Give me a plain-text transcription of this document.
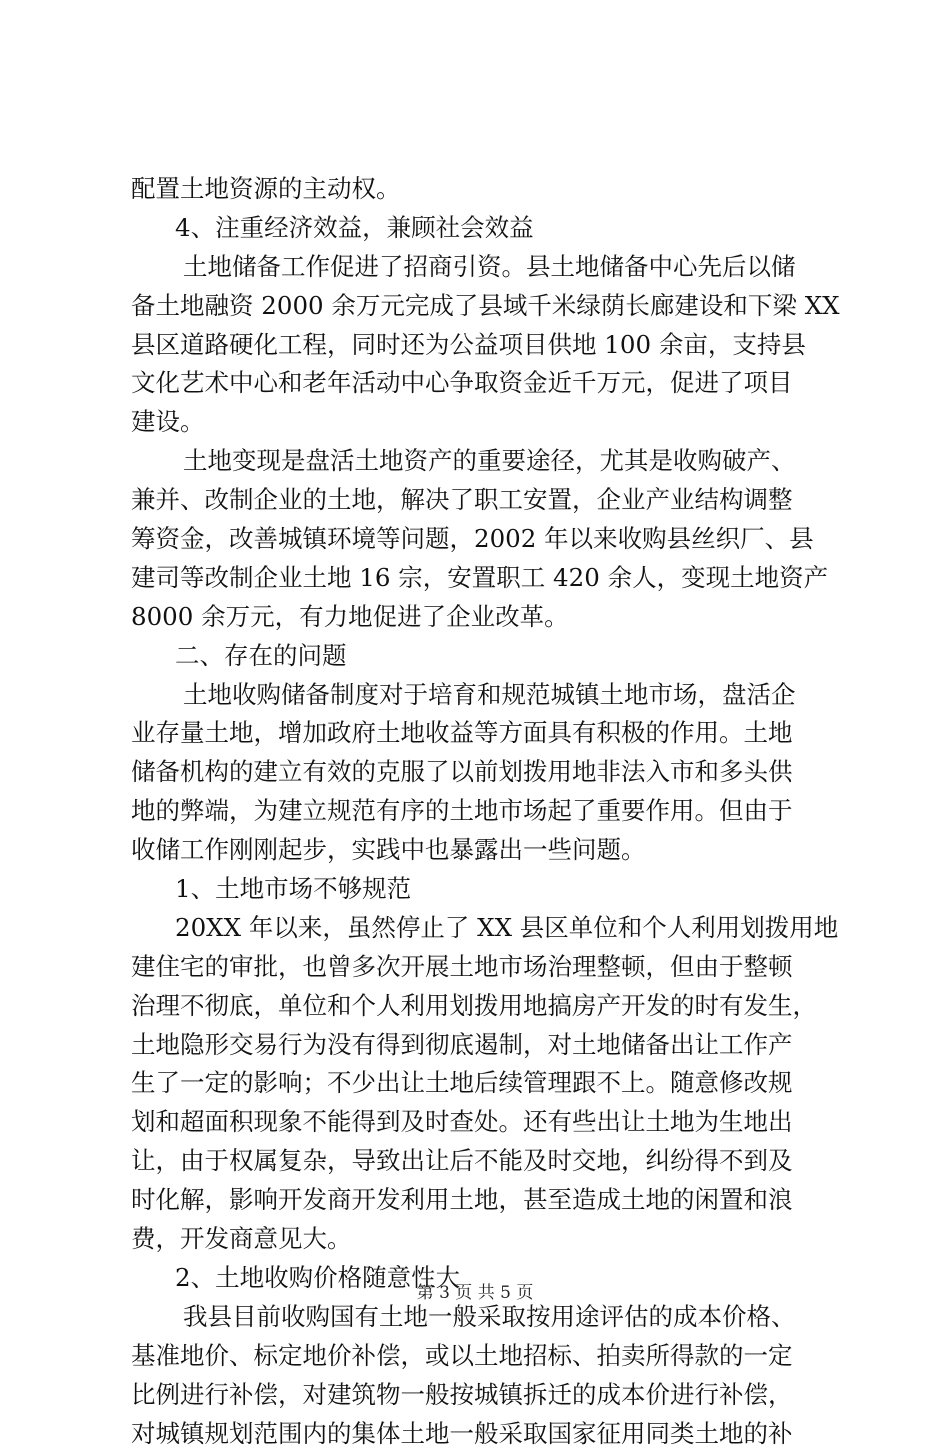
配置土地资源的主动权。
4、注重经济效益，兼顾社会效益
土地储备工作促进了招商引资。县土地储备中心先后以储
备土地融资 2000 余万元完成了县域千米绿荫长廊建设和下梁 XX
县区道路硬化工程，同时还为公益项目供地 100 余亩，支持县
文化艺术中心和老年活动中心争取资金近千万元，促进了项目
建设。
土地变现是盘活土地资产的重要途径，尤其是收购破产、
兼并、改制企业的土地，解决了职工安置，企业产业结构调整
筹资金，改善城镇环境等问题，2002 年以来收购县丝织厂、县
建司等改制企业土地 16 宗，安置职工 420 余人，变现土地资产
8000 余万元，有力地促进了企业改革。
二、存在的问题
土地收购储备制度对于培育和规范城镇土地市场，盘活企
业存量土地，增加政府土地收益等方面具有积极的作用。土地
储备机构的建立有效的克服了以前划拨用地非法入市和多头供
地的弊端，为建立规范有序的土地市场起了重要作用。但由于
收储工作刚刚起步，实践中也暴露出一些问题。
1、土地市场不够规范
20XX 年以来，虽然停止了 XX 县区单位和个人利用划拨用地
建住宅的审批，也曾多次开展土地市场治理整顿，但由于整顿
治理不彻底，单位和个人利用划拨用地搞房产开发的时有发生，
土地隐形交易行为没有得到彻底遏制，对土地储备出让工作产
生了一定的影响；不少出让土地后续管理跟不上。随意修改规
划和超面积现象不能得到及时查处。还有些出让土地为生地出
让，由于权属复杂，导致出让后不能及时交地，纠纷得不到及
时化解，影响开发商开发利用土地，甚至造成土地的闲置和浪
费，开发商意见大。
2、土地收购价格随意性大
我县目前收购国有土地一般采取按用途评估的成本价格、
基准地价、标定地价补偿，或以土地招标、拍卖所得款的一定
比例进行补偿，对建筑物一般按城镇拆迁的成本价进行补偿，
对城镇规划范围内的集体土地一般采取国家征用同类土地的补
第 3 页 共 5 页
